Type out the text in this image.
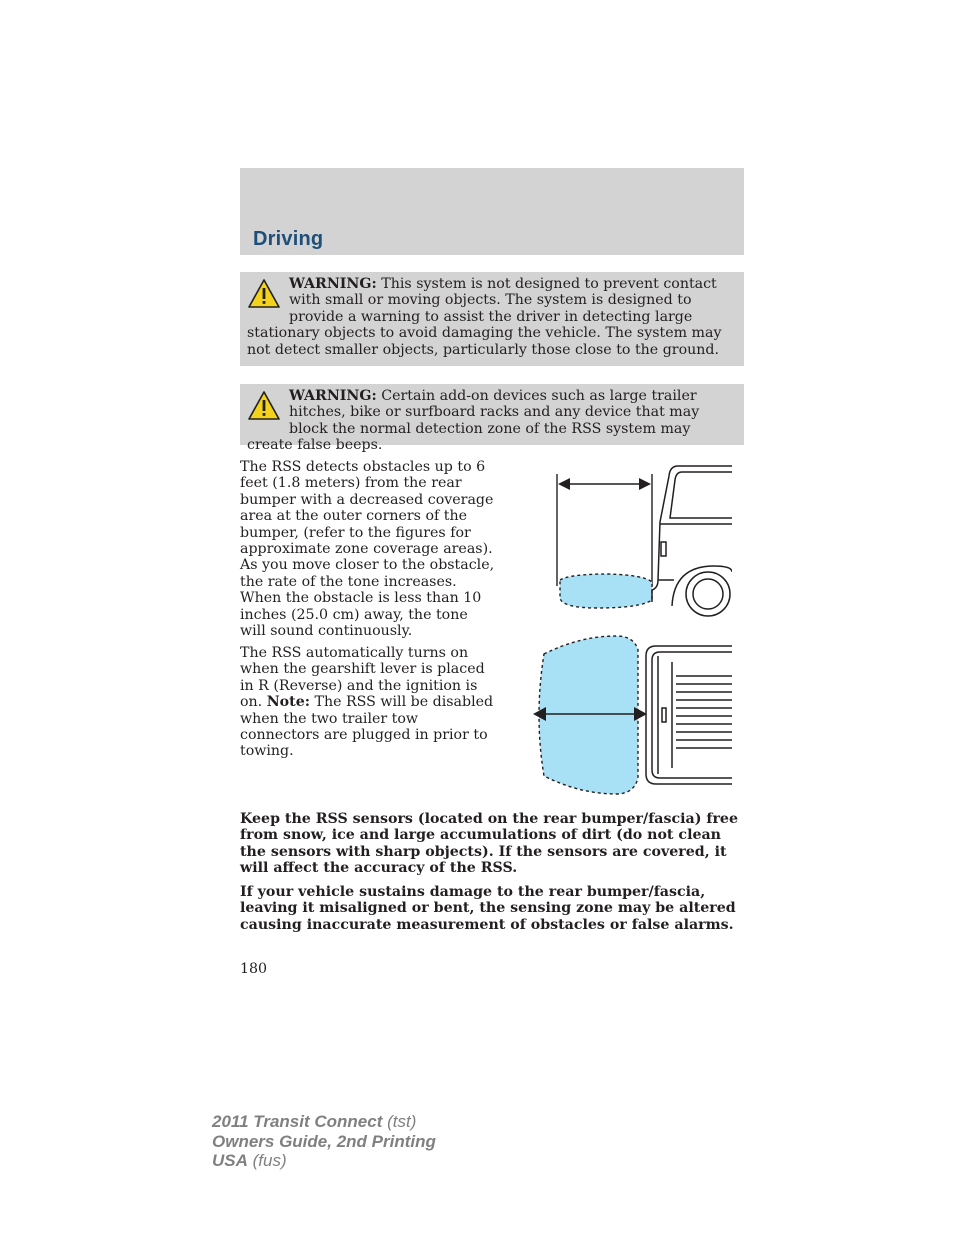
Driving
WARNING: This system is not designed to prevent contact with small or moving objects. The system is designed to provide a warning to assist the driver in detecting large stationary objects to avoid damaging the vehicle. The system may not detect smaller objects, particularly those close to the ground.
WARNING: Certain add-on devices such as large trailer hitches, bike or surfboard racks and any device that may block the normal detection zone of the RSS system may create false beeps.

The RSS detects obstacles up to 6 feet (1.8 meters) from the rear bumper with a decreased coverage area at the outer corners of the bumper, (refer to the figures for approximate zone coverage areas). As you move closer to the obstacle, the rate of the tone increases. When the obstacle is less than 10 inches (25.0 cm) away, the tone will sound continuously.

The RSS automatically turns on when the gearshift lever is placed in R (Reverse) and the ignition is on. Note: The RSS will be disabled when the two trailer tow connectors are plugged in prior to towing.

Keep the RSS sensors (located on the rear bumper/fascia) free from snow, ice and large accumulations of dirt (do not clean the sensors with sharp objects). If the sensors are covered, it will affect the accuracy of the RSS.

If your vehicle sustains damage to the rear bumper/fascia, leaving it misaligned or bent, the sensing zone may be altered causing inaccurate measurement of obstacles or false alarms.

180
2011 Transit Connect (tst)
Owners Guide, 2nd Printing
USA (fus)
